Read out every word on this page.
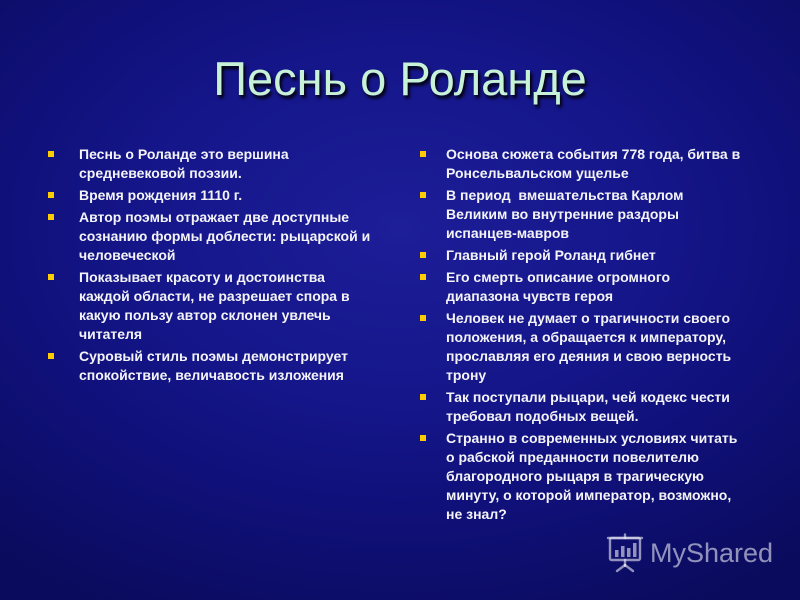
Песнь о Роланде
Песнь о Роланде это вершина
средневековой поэзии.
Время рождения 1110 г.
Автор поэмы отражает две доступные
сознанию формы доблести: рыцарской и
человеческой
Показывает красоту и достоинства
каждой области, не разрешает спора в
какую пользу автор склонен увлечь
читателя
Суровый стиль поэмы демонстрирует
спокойствие, величавость изложения
Основа сюжета события 778 года, битва в
Ронсельвальском ущелье
В период  вмешательства Карлом
Великим во внутренние раздоры
испанцев-мавров
Главный герой Роланд гибнет
Его смерть описание огромного
диапазона чувств героя
Человек не думает о трагичности своего
положения, а обращается к императору,
прославляя его деяния и свою верность
трону
Так поступали рыцари, чей кодекс чести
требовал подобных вещей.
Странно в современных условиях читать
о рабской преданности повелителю
благородного рыцаря в трагическую
минуту, о которой император, возможно,
не знал?
MyShared
